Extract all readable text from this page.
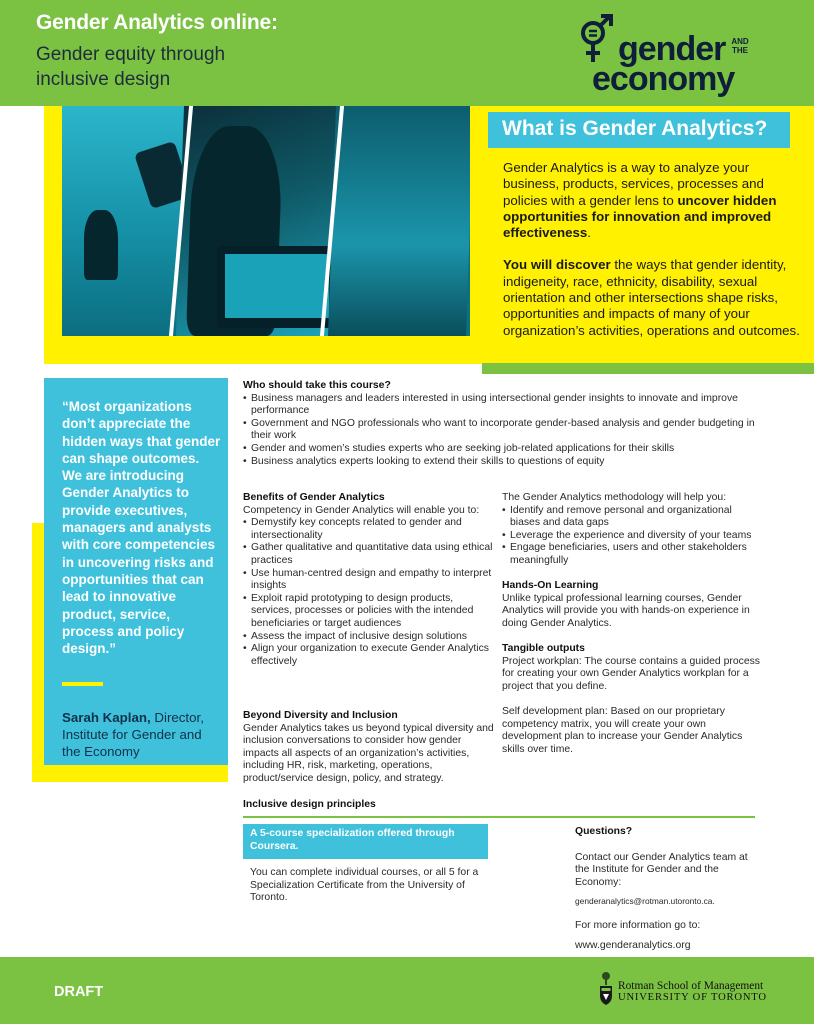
Gender Analytics online:
Gender equity through
inclusive design
gender AND
THE
economy
What is Gender Analytics?

Gender Analytics is a way to analyze your business, products, services, processes and policies with a gender lens to uncover hidden opportunities for innovation and improved effectiveness.

You will discover the ways that gender identity, indigeneity, race, ethnicity, disability, sexual orientation and other intersections shape risks, opportunities and impacts of many of your organization’s activities, operations and outcomes.

“Most organizations don’t appreciate the hidden ways that gender can shape outcomes. We are introducing Gender Analytics to provide executives, managers and analysts with core competencies in uncovering risks and opportunities that can lead to innovative product, service, process and policy design.”
Sarah Kaplan, Director, Institute for Gender and the Economy
Who should take this course?
• Business managers and leaders interested in using intersectional gender insights to innovate and improve performance
• Government and NGO professionals who want to incorporate gender-based analysis and gender budgeting in their work
• Gender and women’s studies experts who are seeking job-related applications for their skills
• Business analytics experts looking to extend their skills to questions of equity
Benefits of Gender Analytics
Competency in Gender Analytics will enable you to:
• Demystify key concepts related to gender and intersectionality
• Gather qualitative and quantitative data using ethical practices
• Use human-centred design and empathy to interpret insights
• Exploit rapid prototyping to design products, services, processes or policies with the intended beneficiaries or target audiences
• Assess the impact of inclusive design solutions
• Align your organization to execute Gender Analytics effectively
The Gender Analytics methodology will help you:
• Identify and remove personal and organizational biases and data gaps
• Leverage the experience and diversity of your teams
• Engage beneficiaries, users and other stakeholders meaningfully
Hands-On Learning
Unlike typical professional learning courses, Gender Analytics will provide you with hands-on experience in doing Gender Analytics.
Tangible outputs
Project workplan: The course contains a guided process for creating your own Gender Analytics workplan for a project that you define.

Self development plan: Based on our proprietary competency matrix, you will create your own development plan to increase your Gender Analytics skills over time.

Beyond Diversity and Inclusion
Gender Analytics takes us beyond typical diversity and inclusion conversations to consider how gender impacts all aspects of an organization’s activities, including HR, risk, marketing, operations, product/service design, policy, and strategy.
Inclusive design principles
A 5-course specialization offered through Coursera.
You can complete individual courses, or all 5 for a Specialization Certificate from the University of Toronto.
Questions?
Contact our Gender Analytics team at the Institute for Gender and the Economy:
genderanalytics@rotman.utoronto.ca.
For more information go to:
www.genderanalytics.org
DRAFT	Rotman School of Management
UNIVERSITY OF TORONTO
